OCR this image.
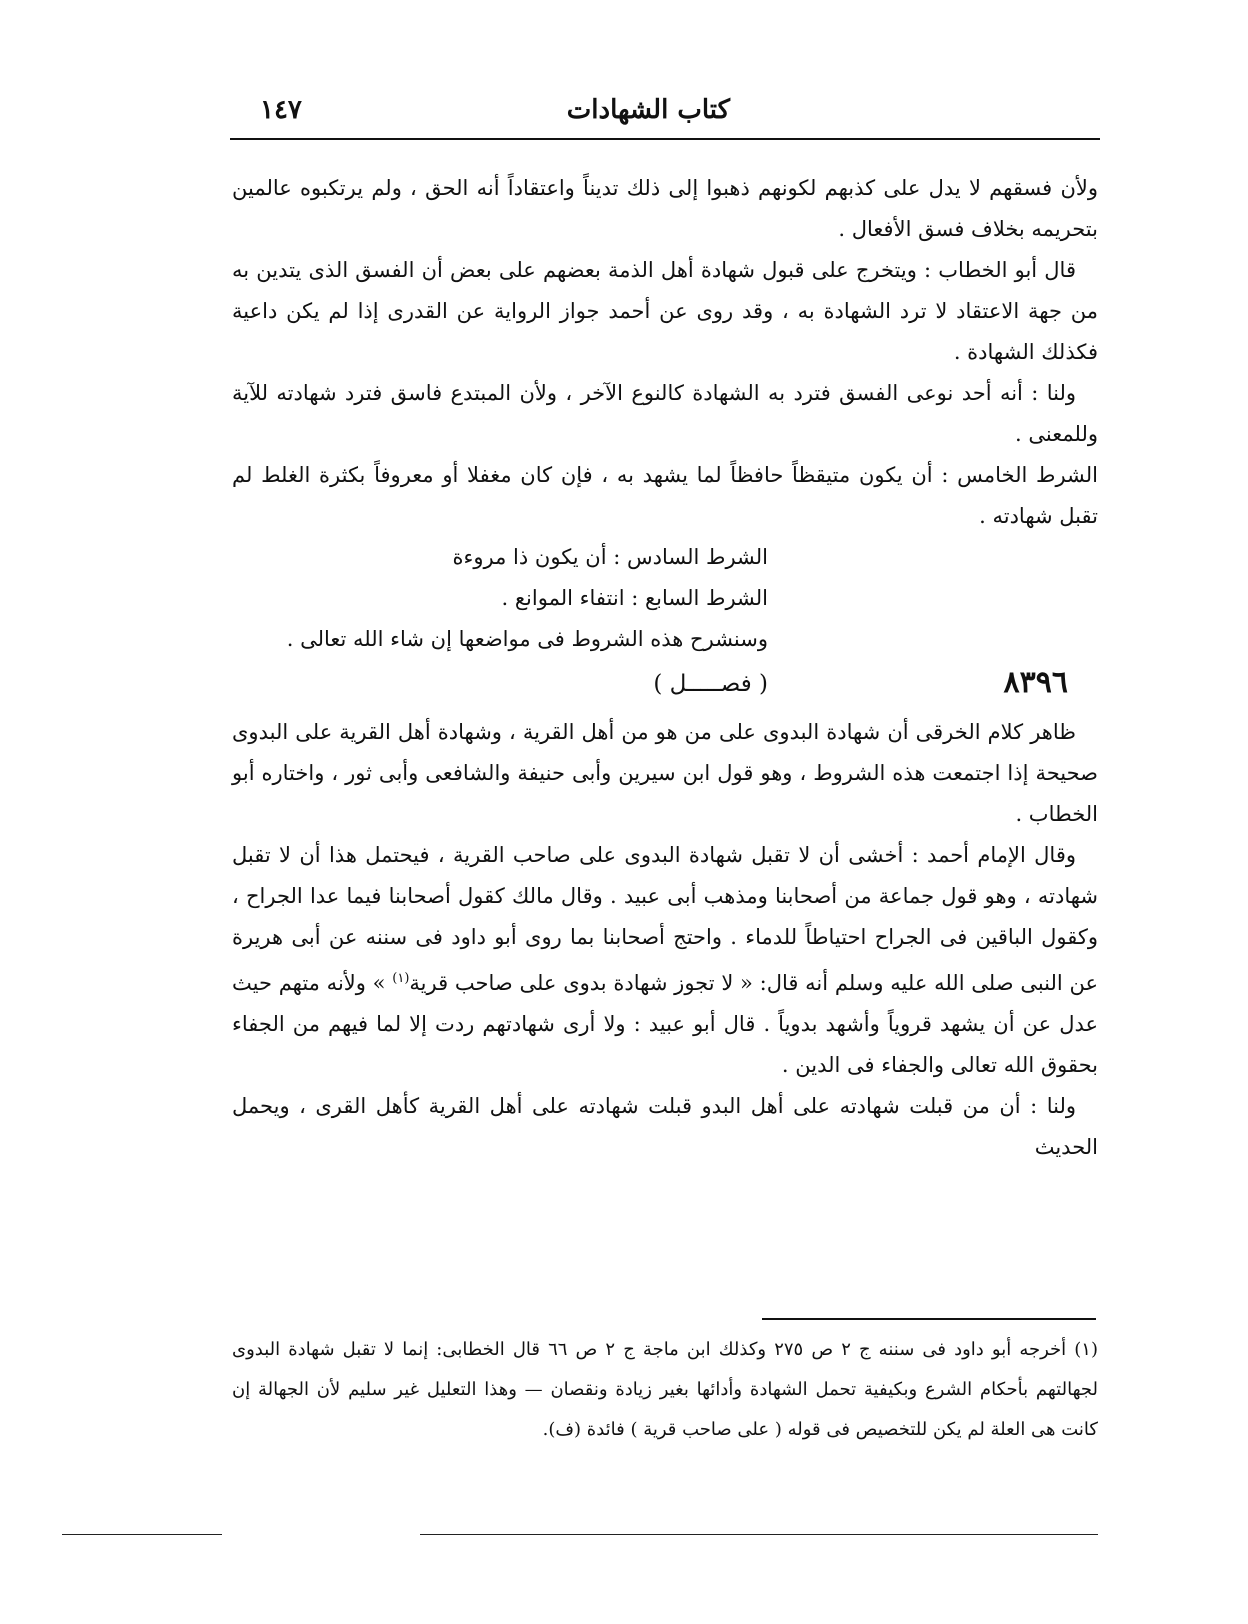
كتاب الشهادات
١٤٧

ولأن فسقهم لا يدل على كذبهم لكونهم ذهبوا إلى ذلك تديناً واعتقاداً أنه الحق ، ولم يرتكبوه عالمين بتحريمه بخلاف فسق الأفعال .

قال أبو الخطاب : ويتخرج على قبول شهادة أهل الذمة بعضهم على بعض أن الفسق الذى يتدين به من جهة الاعتقاد لا ترد الشهادة به ، وقد روى عن أحمد جواز الرواية عن القدرى إذا لم يكن داعية فكذلك الشهادة .

ولنا : أنه أحد نوعى الفسق فترد به الشهادة كالنوع الآخر ، ولأن المبتدع فاسق فترد شهادته للآية وللمعنى .

الشرط الخامس : أن يكون متيقظاً حافظاً لما يشهد به ، فإن كان مغفلا أو معروفاً بكثرة الغلط لم تقبل شهادته .

الشرط السادس : أن يكون ذا مروءة

الشرط السابع : انتفاء الموانع .

وسنشرح هذه الشروط فى مواضعها إن شاء الله تعالى .

٨٣٩٦
( فصـــــل )

ظاهر كلام الخرقى أن شهادة البدوى على من هو من أهل القرية ، وشهادة أهل القرية على البدوى صحيحة إذا اجتمعت هذه الشروط ، وهو قول ابن سيرين وأبى حنيفة والشافعى وأبى ثور ، واختاره أبو الخطاب .

وقال الإمام أحمد : أخشى أن لا تقبل شهادة البدوى على صاحب القرية ، فيحتمل هذا أن لا تقبل شهادته ، وهو قول جماعة من أصحابنا ومذهب أبى عبيد . وقال مالك كقول أصحابنا فيما عدا الجراح ، وكقول الباقين فى الجراح احتياطاً للدماء . واحتج أصحابنا بما روى أبو داود فى سننه عن أبى هريرة عن النبى صلى الله عليه وسلم أنه قال: « لا تجوز شهادة بدوى على صاحب قرية$^{(١)}$ » ولأنه متهم حيث عدل عن أن يشهد قروياً وأشهد بدوياً . قال أبو عبيد : ولا أرى شهادتهم ردت إلا لما فيهم من الجفاء بحقوق الله تعالى والجفاء فى الدين .

ولنا : أن من قبلت شهادته على أهل البدو قبلت شهادته على أهل القرية كأهل القرى ، ويحمل الحديث

(١) أخرجه أبو داود فى سننه ج ٢ ص ٢٧٥ وكذلك ابن ماجة ج ٢ ص ٦٦ قال الخطابى: إنما لا تقبل شهادة البدوى لجهالتهم بأحكام الشرع وبكيفية تحمل الشهادة وأدائها بغير زيادة ونقصان — وهذا التعليل غير سليم لأن الجهالة إن كانت هى العلة لم يكن للتخصيص فى قوله ( على صاحب قرية ) فائدة (ف).
